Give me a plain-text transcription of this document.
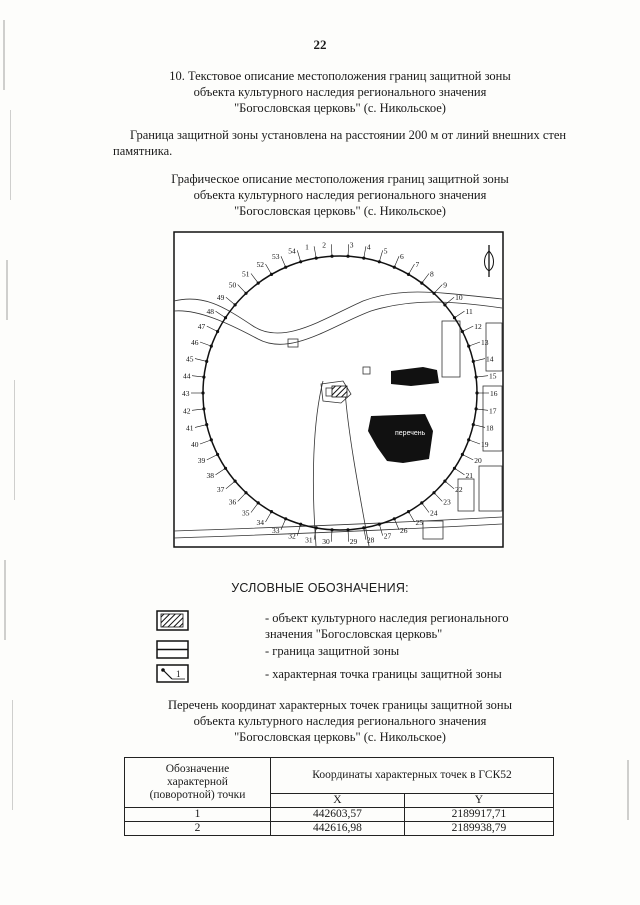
22
10. Текстовое описание местоположения границ защитной зоны
объекта культурного наследия регионального значения
"Богословская церковь" (с. Никольское)
Граница защитной зоны установлена на расстоянии 200 м от линий внешних стен памятника.
Графическое описание местоположения границ защитной зоны
объекта культурного наследия регионального значения
"Богословская церковь" (с. Никольское)
перечень
1 2	3 4 5
6
7
8
9
10
11
12
13
14
15
16
17
18
19
20
21
22
23
24
25
26
27
28
29
30
31
32
33
34
35
36
37
38
39
40
41
42
43
44
45
46
47
48
49
50
51
52
53
54
УСЛОВНЫЕ ОБОЗНАЧЕНИЯ:
- объект культурного наследия регионального
значения "Богословская церковь"
- граница защитной зоны
1	- характерная точка границы защитной зоны
Перечень координат характерных точек границы защитной зоны
объекта культурного наследия регионального значения
"Богословская церковь" (с. Никольское)
Обозначение
характерной
(поворотной) точки	Координаты характерных точек в ГСК52	
	X	Y
1	442603,57	2189917,71
2	442616,98	2189938,79
